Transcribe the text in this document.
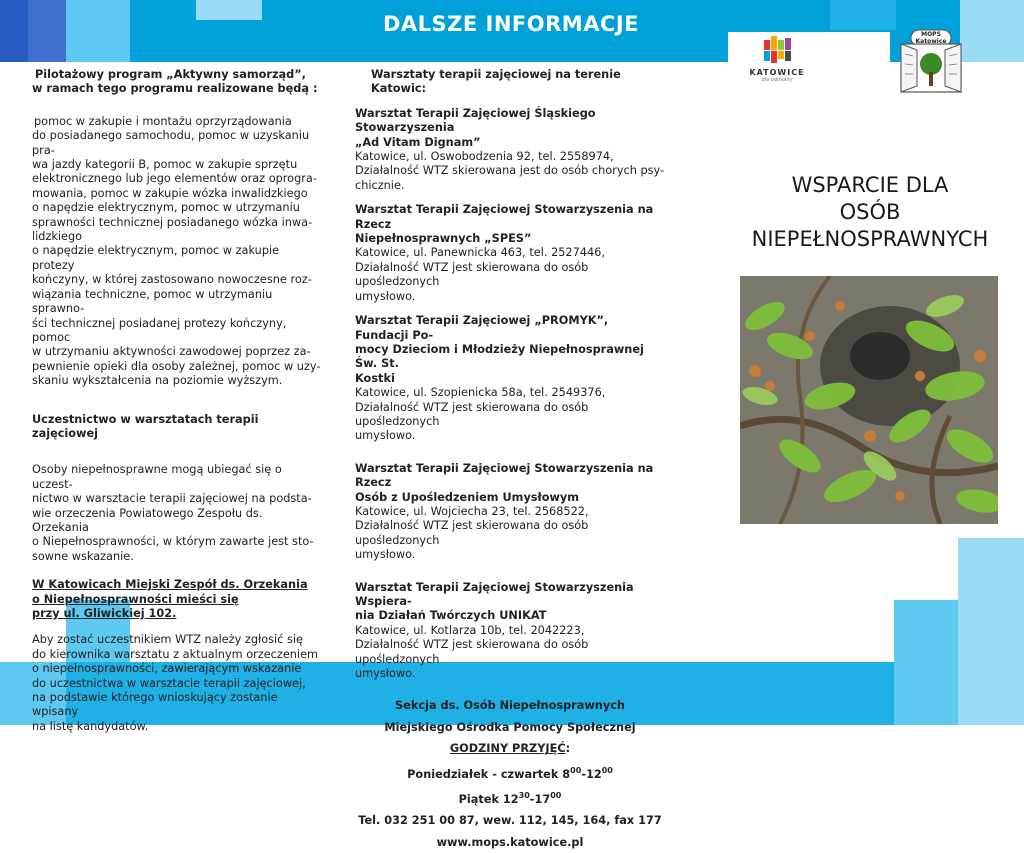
DALSZE INFORMACJE
KATOWICE
dla odmiany
MOPS
Katowice

Pilotażowy program „Aktywny samorząd”,

w ramach tego programu realizowane będą :

pomoc w zakupie i montażu oprzyrządowania

do posiadanego samochodu, pomoc w uzyskaniu pra-

wa jazdy kategorii B, pomoc w zakupie sprzętu

elektronicznego lub jego elementów oraz oprogra-

mowania, pomoc w zakupie wózka inwalidzkiego

o napędzie elektrycznym, pomoc w utrzymaniu

sprawności technicznej posiadanego wózka inwa-

lidzkiego

o napędzie elektrycznym, pomoc w zakupie protezy

kończyny, w której zastosowano nowoczesne roz-

wiązania techniczne, pomoc w utrzymaniu sprawno-

ści technicznej posiadanej protezy kończyny, pomoc

w utrzymaniu aktywności zawodowej poprzez za-

pewnienie opieki dla osoby zależnej, pomoc w uzy-

skaniu wykształcenia na poziomie wyższym.

Uczestnictwo w warsztatach terapii zajęciowej

Osoby niepełnosprawne mogą ubiegać się o uczest-

nictwo w warsztacie terapii zajęciowej na podsta-

wie orzeczenia Powiatowego Zespołu ds. Orzekania

o Niepełnosprawności, w którym zawarte jest sto-

sowne wskazanie.

W Katowicach Miejski Zespół ds. Orzekania

o Niepełnosprawności mieści się

przy ul. Gliwickiej 102.

Aby zostać uczestnikiem WTZ należy zgłosić się

do kierownika warsztatu z aktualnym orzeczeniem

o niepełnosprawności, zawierającym wskazanie

do uczestnictwa w warsztacie terapii zajęciowej,

na podstawie którego wnioskujący zostanie wpisany

na listę kandydatów.

Warsztaty terapii zajęciowej na terenie Katowic:

Warsztat Terapii Zajęciowej Śląskiego Stowarzyszenia

„Ad Vitam Dignam”

Katowice, ul. Oswobodzenia 92, tel. 2558974,

Działalność WTZ skierowana jest do osób chorych psy-

chicznie.

Warsztat Terapii Zajęciowej Stowarzyszenia na Rzecz

Niepełnosprawnych „SPES”

Katowice, ul. Panewnicka 463, tel. 2527446,

Działalność WTZ jest skierowana do osób upośledzonych

umysłowo.

Warsztat Terapii Zajęciowej „PROMYK”, Fundacji Po-

mocy Dzieciom i Młodzieży Niepełnosprawnej Św. St.

Kostki

Katowice, ul. Szopienicka 58a, tel. 2549376,

Działalność WTZ jest skierowana do osób upośledzonych

umysłowo.

Warsztat Terapii Zajęciowej Stowarzyszenia na Rzecz

Osób z Upośledzeniem Umysłowym

Katowice, ul. Wojciecha 23, tel. 2568522,

Działalność WTZ jest skierowana do osób upośledzonych

umysłowo.

Warsztat Terapii Zajęciowej Stowarzyszenia Wspiera-

nia Działań Twórczych UNIKAT

Katowice, ul. Kotlarza 10b, tel. 2042223,

Działalność WTZ jest skierowana do osób upośledzonych

umysłowo.

Sekcja ds. Osób Niepełnosprawnych

Miejskiego Ośrodka Pomocy Społecznej

GODZINY PRZYJĘĆ:

Poniedziałek - czwartek $8^{00}-12^{00}$

Piątek $12^{30}-17^{00}$

Tel. 032 251 00 87, wew. 112, 145, 164, fax 177

www.mops.katowice.pl

WSPARCIE DLA
OSÓB
NIEPEŁNOSPRAWNYCH
